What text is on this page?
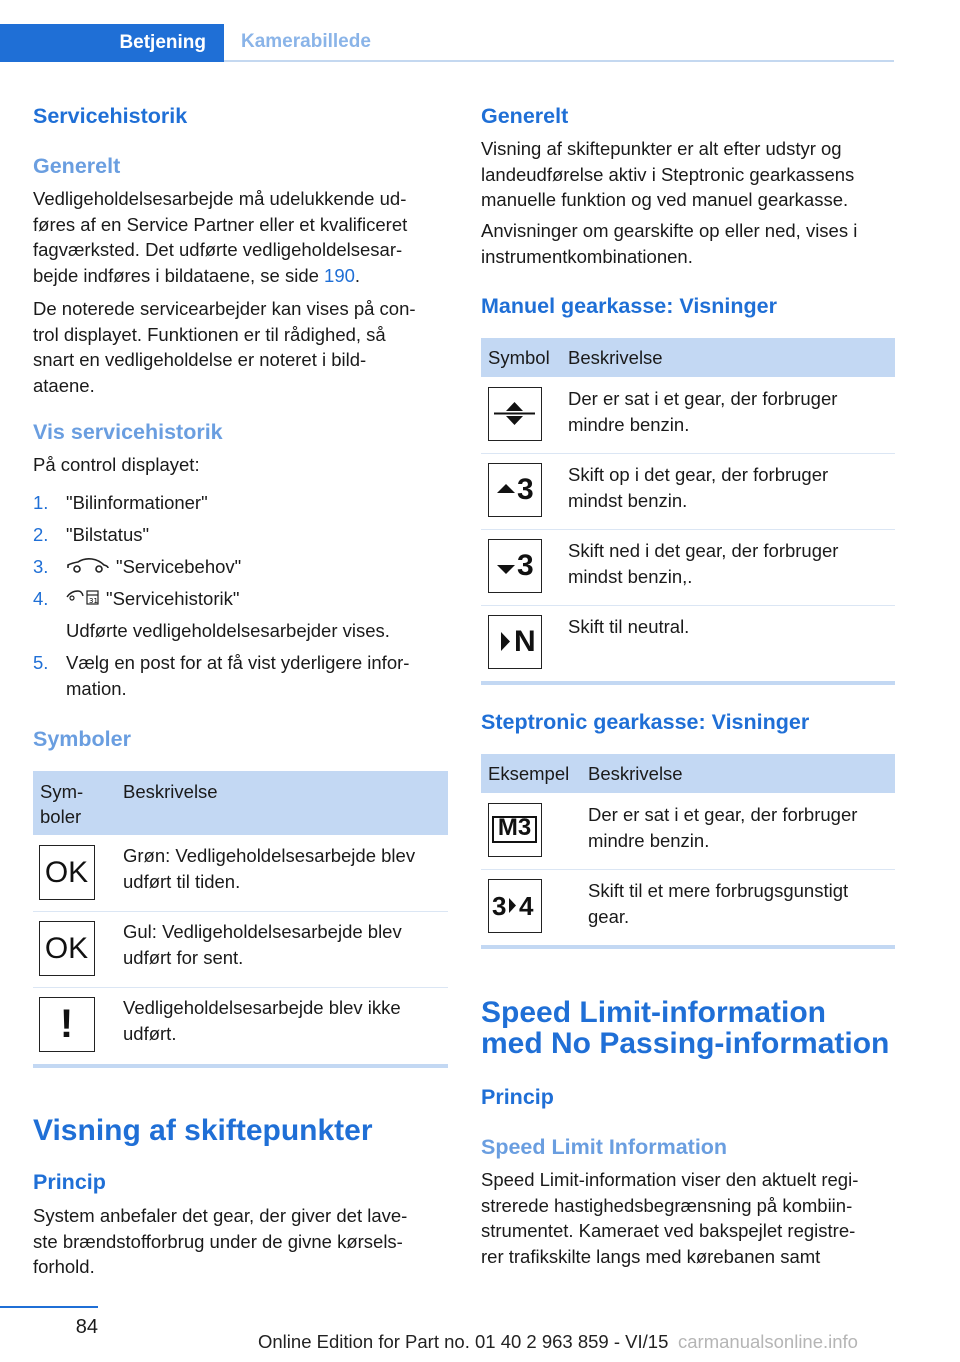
Betjening	Kamerabillede
Servicehistorik
Generelt
Vedligeholdelsesarbejde må udelukkende ud‐
føres af en Service Partner eller et kvalificeret
fagværksted. Det udførte vedligeholdelsesar‐
bejde indføres i bildataene, se side 190.
De noterede servicearbejder kan vises på con‐
trol displayet. Funktionen er til rådighed, så
snart en vedligeholdelse er noteret i bild‐
ataene.
Vis servicehistorik
På control displayet:
1. "Bilinformationer"
2. "Bilstatus"
3.	"Servicebehov"
4.	31 "Servicehistorik"
Udførte vedligeholdelsesarbejder vises.
5. Vælg en post for at få vist yderligere infor‐
mation.
Symboler
Sym‐
boler
Beskrivelse
OK
Grøn: Vedligeholdelsesarbejde blev
udført til tiden.
OK
Gul: Vedligeholdelsesarbejde blev
udført for sent.
!	Vedligeholdelsesarbejde blev ikke
udført.
Visning af skiftepunkter
Princip
System anbefaler det gear, der giver det lave‐
ste brændstofforbrug under de givne kørsels‐
forhold.
Generelt
Visning af skiftepunkter er alt efter udstyr og
landeudførelse aktiv i Steptronic gearkassens
manuelle funktion og ved manuel gearkasse.
Anvisninger om gearskifte op eller ned, vises i
instrumentkombinationen.
Manuel gearkasse: Visninger
Symbol Beskrivelse
Der er sat i et gear, der forbruger
mindre benzin.
3 Skift op i det gear, der forbruger
mindst benzin.
3 Skift ned i det gear, der forbruger
mindst benzin,.
N Skift til neutral.
Steptronic gearkasse: Visninger
Eksempel Beskrivelse
M3	Der er sat i et gear, der forbruger
mindre benzin.
3 4
Skift til et mere forbrugsgunstigt
gear.
Speed Limit-information
med No Passing-information
Princip
Speed Limit Information
Speed Limit-information viser den aktuelt regi‐
strerede hastighedsbegrænsning på kombiin‐
strumentet. Kameraet ved bakspejlet registre‐
rer trafikskilte langs med kørebanen samt
84
Online Edition for Part no. 01 40 2 963 859 - VI/15 carmanualsonline.info
